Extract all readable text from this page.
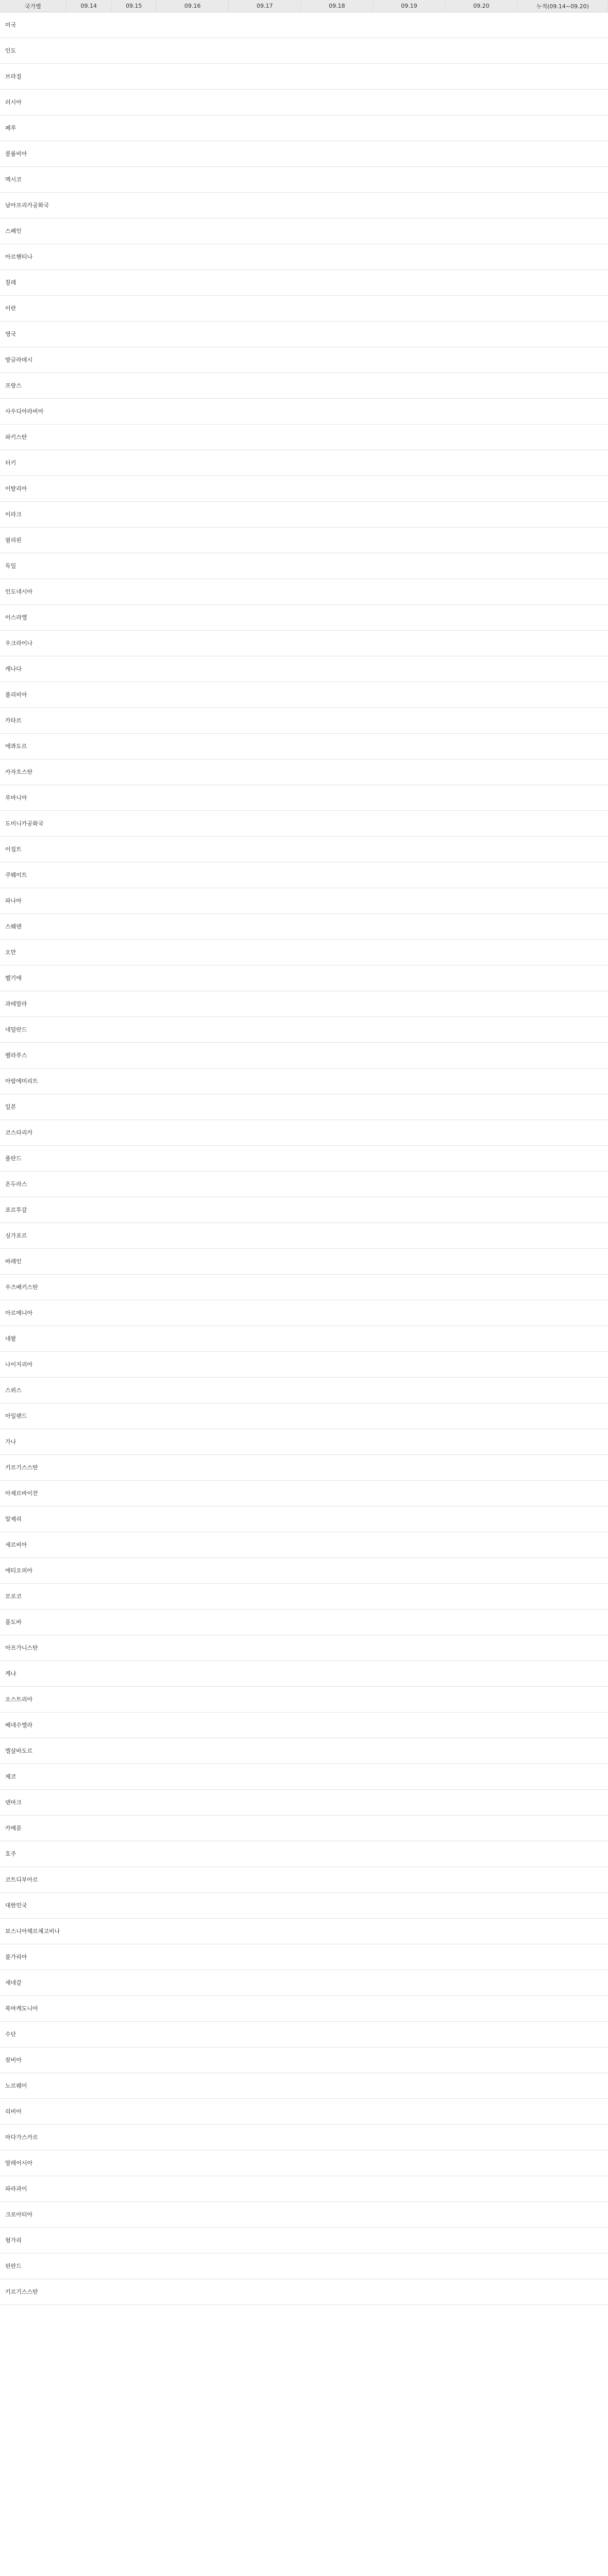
국가별	09.14	09.15	09.16	09.17	09.18	09.19	09.20	누적(09.14~09.20)
미국								
인도								
브라질								
러시아								
페루								
콜롬비아								
멕시코								
남아프리카공화국								
스페인								
아르헨티나								
칠레								
이란								
영국								
방글라데시								
프랑스								
사우디아라비아								
파키스탄								
터키								
이탈리아								
이라크								
필리핀								
독일								
인도네시아								
이스라엘								
우크라이나								
캐나다								
볼리비아								
카타르								
에콰도르								
카자흐스탄								
루마니아								
도미니카공화국								
이집트								
쿠웨이트								
파나마								
스웨덴								
오만								
벨기에								
과테말라								
네덜란드								
벨라루스								
아랍에미리트								
일본								
코스타리카								
폴란드								
온두라스								
포르투갈								
싱가포르								
바레인								
우즈베키스탄								
아르메니아								
네팔								
나이지리아								
스위스								
아일랜드								
가나								
키르기스스탄								
아제르바이잔								
알제리								
세르비아								
에티오피아								
모로코								
몰도바								
아프가니스탄								
케냐								
오스트리아								
베네수엘라								
엘살바도르								
체코								
덴마크								
카메룬								
호주								
코트디부아르								
대한민국								
보스니아헤르체고비나								
불가리아								
세네갈								
북마케도니아								
수단								
잠비아								
노르웨이								
리비아								
마다가스카르								
말레이시아								
파라과이								
크로아티아								
헝가리								
핀란드								
키르기스스탄								
